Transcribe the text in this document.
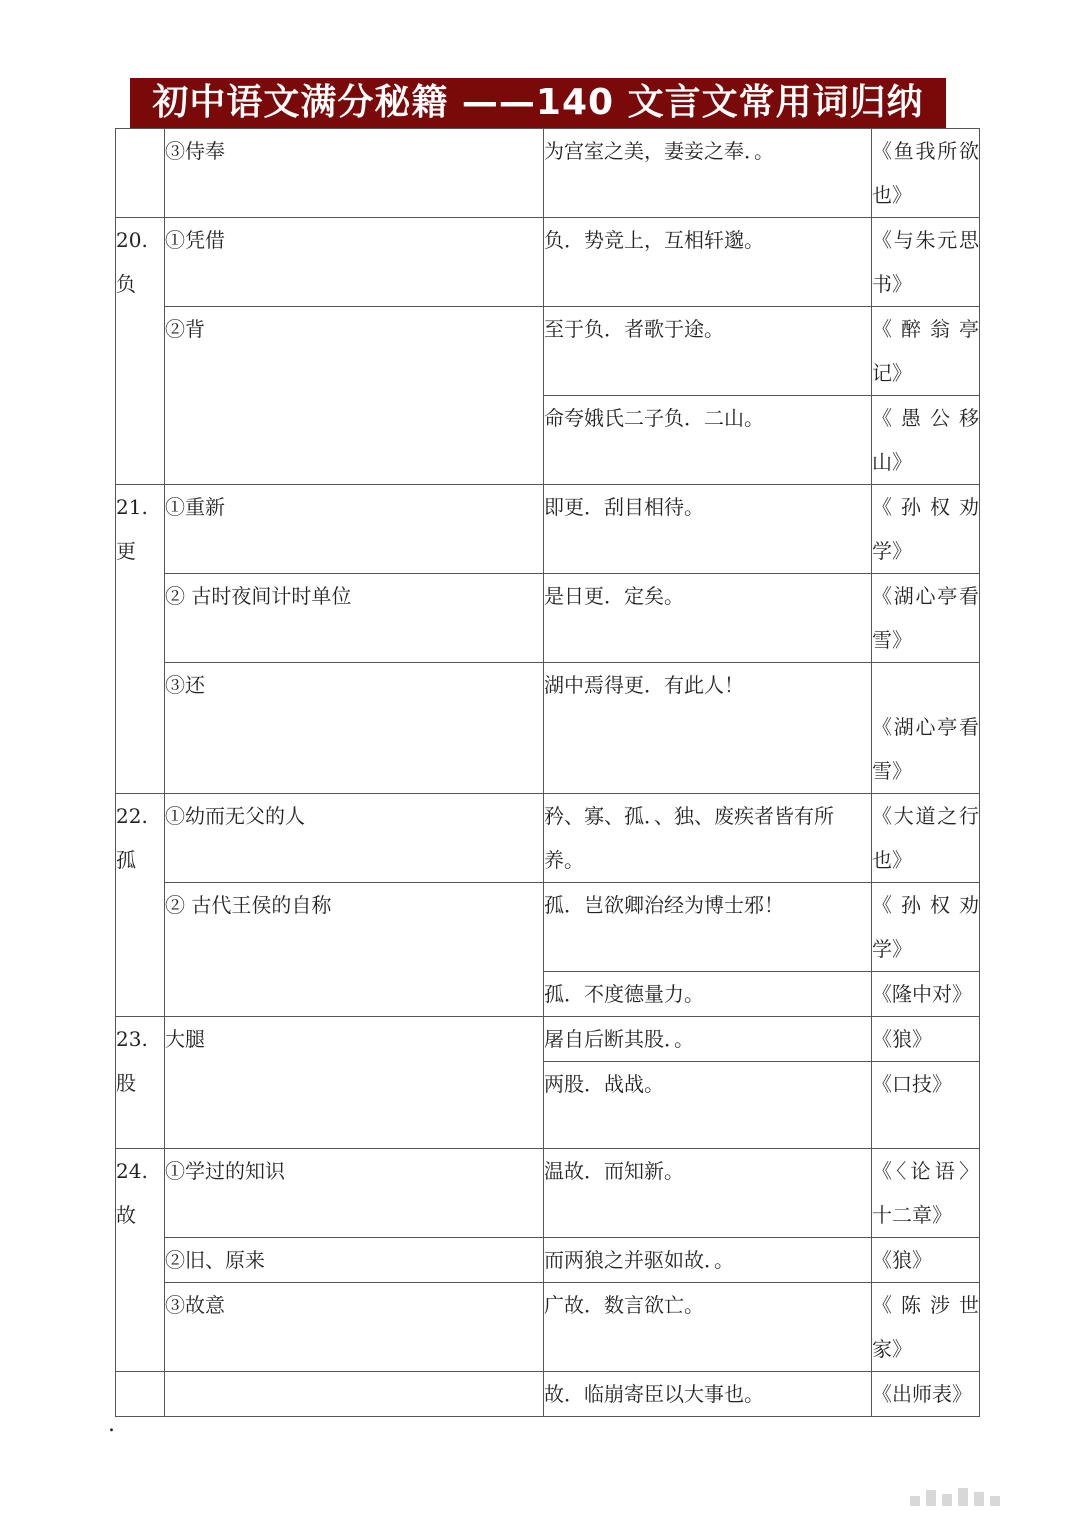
初中语文满分秘籍 ——140 文言文常用词归纳
	③侍奉	为宫室之美，妻妾之奉．。	《鱼我所欲也》
20. 负	①凭借	负．势竞上，互相轩邈。	《与朱元思书》
	②背	至于负．者歌于途。	《醉翁亭记》
		命夸娥氏二子负．二山。	《愚公移山》
21. 更	①重新	即更．刮目相待。	《孙权劝学》
	② 古时夜间计时单位	是日更．定矣。	《湖心亭看雪》
	③还	湖中焉得更．有此人！	《湖心亭看雪》
22. 孤	①幼而无父的人	矜、寡、孤．、独、废疾者皆有所养。	《大道之行也》
	② 古代王侯的自称	孤．岂欲卿治经为博士邪！	《孙权劝学》
		孤．不度德量力。	《隆中对》
23. 股	大腿	屠自后断其股．。	《狼》
		两股．战战。	《口技》
24. 故	①学过的知识	温故．而知新。	《〈论语〉十二章》
	②旧、原来	而两狼之并驱如故．。	《狼》
	③故意	广故．数言欲亡。	《陈涉世家》
		故．临崩寄臣以大事也。	《出师表》
.
